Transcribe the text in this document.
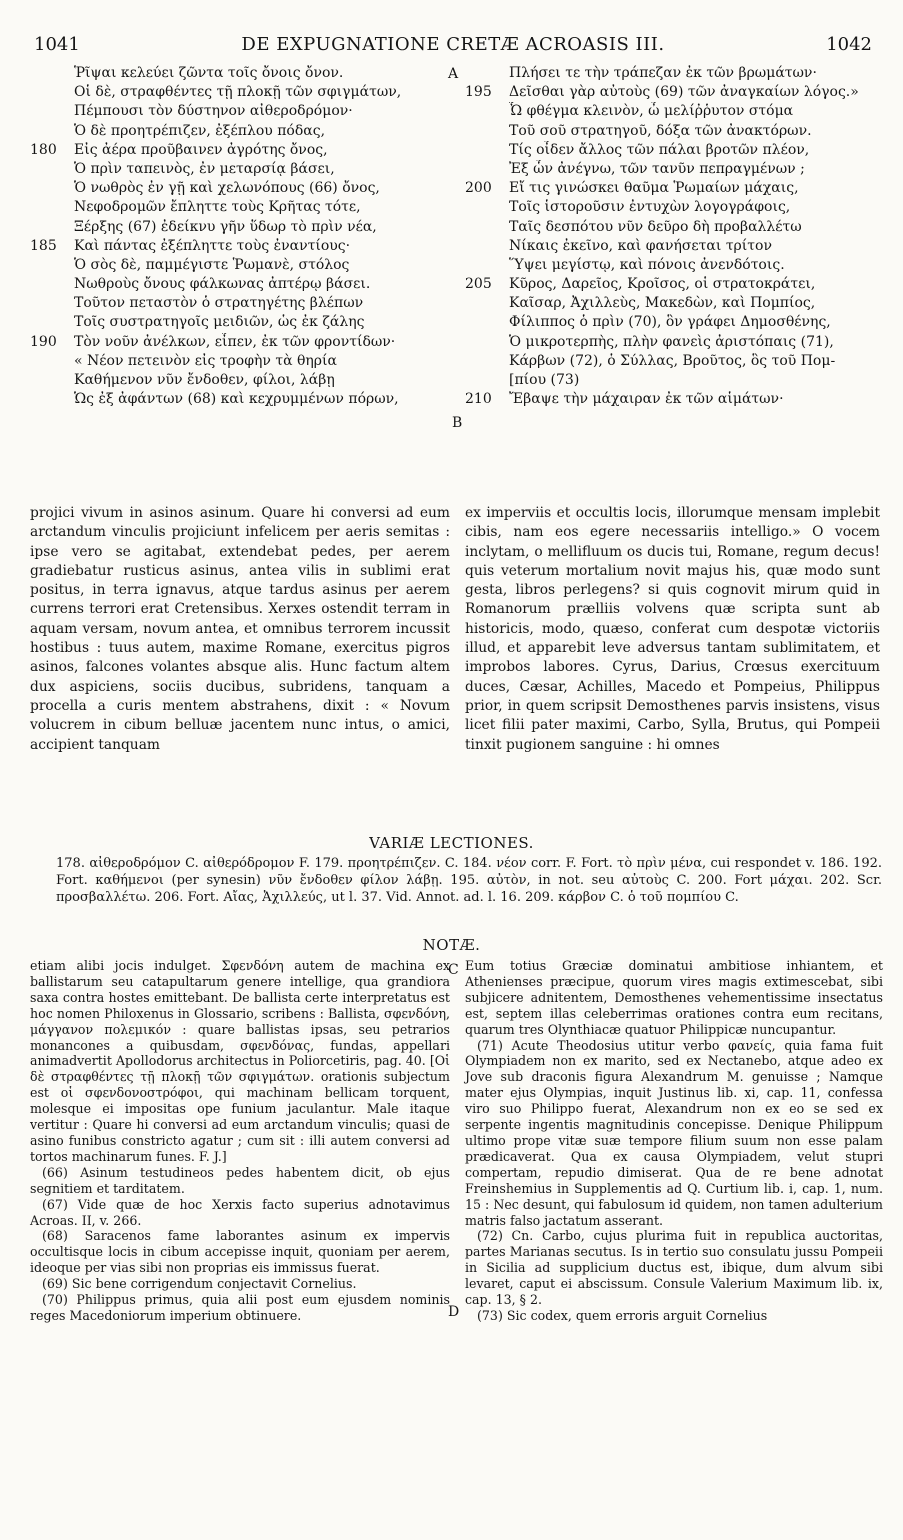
1041	DE EXPUGNATIONE CRETÆ ACROASIS III.	1042
Ῥῖψαι κελεύει ζῶντα τοῖς ὄνοις ὄνον.
Οἱ δὲ, στραφθέντες τῇ πλοκῇ τῶν σφιγμάτων,
Πέμπουσι τὸν δύστηνον αἰθεροδρόμον·
Ὁ δὲ προητρέπιζεν, ἐξέπλου πόδας,
180 Εἰς ἀέρα προῦβαινεν ἀγρότης ὄνος,
Ὁ πρὶν ταπεινὸς, ἐν μεταρσίᾳ βάσει,
Ὁ νωθρὸς ἐν γῇ καὶ χελωνόπους (66) ὄνος,
Νεφοδρομῶν ἔπληττε τοὺς Κρῆτας τότε,
Ξέρξης (67) ἐδείκνυ γῆν ὕδωρ τὸ πρὶν νέα,
185 Καὶ πάντας ἐξέπληττε τοὺς ἐναντίους·
Ὁ σὸς δὲ, παμμέγιστε Ῥωμανὲ, στόλος
Νωθροὺς ὄνους φάλκωνας ἀπτέρῳ βάσει.
Τοῦτον πεταστὸν ὁ στρατηγέτης βλέπων
Τοῖς συστρατηγοῖς μειδιῶν, ὡς ἐκ ζάλης
190 Τὸν νοῦν ἀνέλκων, εἶπεν, ἐκ τῶν φροντίδων·
« Νέον πετεινὸν εἰς τροφὴν τὰ θηρία
Καθήμενον νῦν ἔνδοθεν, φίλοι, λάβῃ
Ὡς ἐξ ἀφάντων (68) καὶ κεχρυμμένων πόρων,
Πλήσει τε τὴν τράπεζαν ἐκ τῶν βρωμάτων·
195 Δεῖσθαι γὰρ αὐτοὺς (69) τῶν ἀναγκαίων λόγος.»
Ὦ φθέγμα κλεινὸν, ὦ μελίῤῥυτον στόμα
Τοῦ σοῦ στρατηγοῦ, δόξα τῶν ἀνακτόρων.
Τίς οἶδεν ἄλλος τῶν πάλαι βροτῶν πλέον,
Ἐξ ὧν ἀνέγνω, τῶν τανῦν πεπραγμένων ;
200 Εἴ τις γινώσκει θαῦμα Ῥωμαίων μάχαις,
Τοῖς ἱστοροῦσιν ἐντυχὼν λογογράφοις,
Ταῖς δεσπότου νῦν δεῦρο δὴ προβαλλέτω
Νίκαις ἐκεῖνο, καὶ φανήσεται τρίτον
Ὕψει μεγίστῳ, καὶ πόνοις ἀνενδότοις.
205 Κῦρος, Δαρεῖος, Κροῖσος, οἱ στρατοκράτει,
Καῖσαρ, Ἀχιλλεὺς, Μακεδὼν, καὶ Πομπίος,
Φίλιππος ὁ πρὶν (70), ὃν γράφει Δημοσθένης,
Ὁ μικροτερπὴς, πλὴν φανεὶς ἀριστόπαις (71),
Κάρβων (72), ὁ Σύλλας, Βροῦτος, ὃς τοῦ Πομ-
[πίου (73)
210 Ἔβαψε τὴν μάχαιραν ἐκ τῶν αἱμάτων·
A
B
C
D

projici vivum in asinos asinum. Quare hi conversi ad eum arctandum vinculis projiciunt infelicem per aeris semitas : ipse vero se agitabat, extendebat pedes, per aerem gradiebatur rusticus asinus, antea vilis in sublimi erat positus, in terra ignavus, atque tardus asinus per aerem currens terrori erat Cretensibus. Xerxes ostendit terram in aquam versam, novum antea, et omnibus terrorem incussit hostibus : tuus autem, maxime Romane, exercitus pigros asinos, falcones volantes absque alis. Hunc factum altem dux aspiciens, sociis ducibus, subridens, tanquam a procella a curis mentem abstrahens, dixit : « Novum volucrem in cibum belluæ jacentem nunc intus, o amici, accipient tanquam

ex imperviis et occultis locis, illorumque mensam implebit cibis, nam eos egere necessariis intelligo.» O vocem inclytam, o mellifluum os ducis tui, Romane, regum decus! quis veterum mortalium novit majus his, quæ modo sunt gesta, libros perlegens? si quis cognovit mirum quid in Romanorum prælliis volvens quæ scripta sunt ab historicis, modo, quæso, conferat cum despotæ victoriis illud, et apparebit leve adversus tantam sublimitatem, et improbos labores. Cyrus, Darius, Crœsus exercituum duces, Cæsar, Achilles, Macedo et Pompeius, Philippus prior, in quem scripsit Demosthenes parvis insistens, visus licet filii pater maximi, Carbo, Sylla, Brutus, qui Pompeii tinxit pugionem sanguine : hi omnes

VARIÆ LECTIONES.

178. αἰθεροδρόμον C. αἰθερόδρομον F. 179. προητρέπιζεν. C. 184. νέον corr. F. Fort. τὸ πρὶν μένα, cui respondet v. 186. 192. Fort. καθήμενοι (per synesin) νῦν ἔνδοθεν φίλον λάβῃ. 195. αὐτὸν, in not. seu αὐτοὺς C. 200. Fort μάχαι. 202. Scr. προσβαλλέτω. 206. Fort. Αἴας, Ἀχιλλεύς, ut l. 37. Vid. Annot. ad. l. 16. 209. κάρβον C. ὁ τοῦ πομπίου C.

NOTÆ.

etiam alibi jocis indulget. Σφενδόνη autem de machina ex ballistarum seu catapultarum genere intellige, qua grandiora saxa contra hostes emittebant. De ballista certe interpretatus est hoc nomen Philoxenus in Glossario, scribens : Ballista, σφενδόνη, μάγγανον πολεμικόν : quare ballistas ipsas, seu petrarios monancones a quibusdam, σφενδόνας, fundas, appellari animadvertit Apollodorus architectus in Poliorcetiris, pag. 40. [Οἱ δὲ στραφθέντες τῇ πλοκῇ τῶν σφιγμάτων. orationis subjectum est οἱ σφενδονοστρόφοι, qui machinam bellicam torquent, molesque ei impositas ope funium jaculantur. Male itaque vertitur : Quare hi conversi ad eum arctandum vinculis; quasi de asino funibus constricto agatur ; cum sit : illi autem conversi ad tortos machinarum funes. F. J.]

(66) Asinum testudineos pedes habentem dicit, ob ejus segnitiem et tarditatem.

(67) Vide quæ de hoc Xerxis facto superius adnotavimus Acroas. II, v. 266.

(68) Saracenos fame laborantes asinum ex impervis occultisque locis in cibum accepisse inquit, quoniam per aerem, ideoque per vias sibi non proprias eis immissus fuerat.

(69) Sic bene corrigendum conjectavit Cornelius.

(70) Philippus primus, quia alii post eum ejusdem nominis reges Macedoniorum imperium obtinuere.

Eum totius Græciæ dominatui ambitiose inhiantem, et Athenienses præcipue, quorum vires magis extimescebat, sibi subjicere adnitentem, Demosthenes vehementissime insectatus est, septem illas celeberrimas orationes contra eum recitans, quarum tres Olynthiacæ quatuor Philippicæ nuncupantur.

(71) Acute Theodosius utitur verbo φανείς, quia fama fuit Olympiadem non ex marito, sed ex Nectanebo, atque adeo ex Jove sub draconis figura Alexandrum M. genuisse ; Namque mater ejus Olympias, inquit Justinus lib. xi, cap. 11, confessa viro suo Philippo fuerat, Alexandrum non ex eo se sed ex serpente ingentis magnitudinis concepisse. Denique Philippum ultimo prope vitæ suæ tempore filium suum non esse palam prædicaverat. Qua ex causa Olympiadem, velut stupri compertam, repudio dimiserat. Qua de re bene adnotat Freinshemius in Supplementis ad Q. Curtium lib. i, cap. 1, num. 15 : Nec desunt, qui fabulosum id quidem, non tamen adulterium matris falso jactatum asserant.

(72) Cn. Carbo, cujus plurima fuit in republica auctoritas, partes Marianas secutus. Is in tertio suo consulatu jussu Pompeii in Sicilia ad supplicium ductus est, ibique, dum alvum sibi levaret, caput ei abscissum. Consule Valerium Maximum lib. ix, cap. 13, § 2.

(73) Sic codex, quem erroris arguit Cornelius
